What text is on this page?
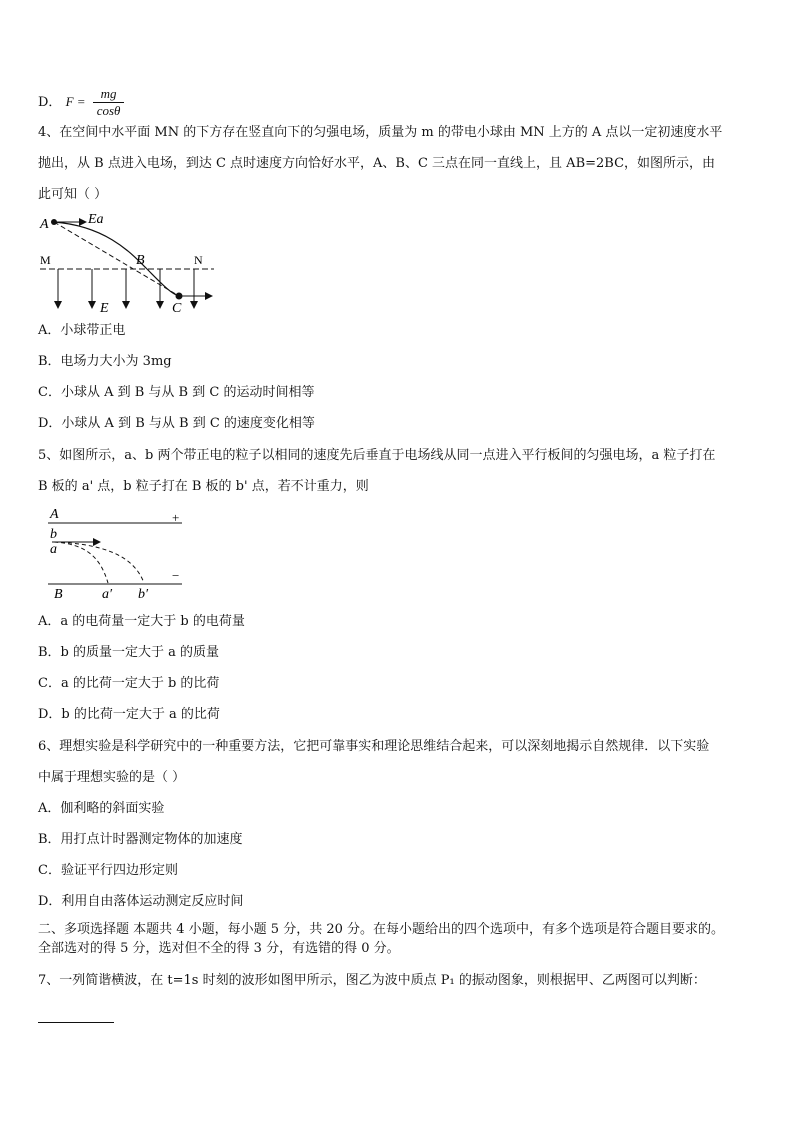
D． $F = \frac{mg}{\cos\theta}$
4、在空间中水平面 MN 的下方存在竖直向下的匀强电场，质量为 m 的带电小球由 MN 上方的 A 点以一定初速度水平
抛出，从 B 点进入电场，到达 C 点时速度方向恰好水平，A、B、C 三点在同一直线上，且 AB=2BC，如图所示，由
此可知（ ）
A	Ea
M	B	N
E	C
A．小球带正电
B．电场力大小为 3mg
C．小球从 A 到 B 与从 B 到 C 的运动时间相等
D．小球从 A 到 B 与从 B 到 C 的速度变化相等
5、如图所示，a、b 两个带正电的粒子以相同的速度先后垂直于电场线从同一点进入平行板间的匀强电场，a 粒子打在
B 板的 a' 点，b 粒子打在 B 板的 b' 点，若不计重力，则
A	+
b
a
−
B	a′ b′
A．a 的电荷量一定大于 b 的电荷量
B．b 的质量一定大于 a 的质量
C．a 的比荷一定大于 b 的比荷
D．b 的比荷一定大于 a 的比荷
6、理想实验是科学研究中的一种重要方法，它把可靠事实和理论思维结合起来，可以深刻地揭示自然规律．以下实验
中属于理想实验的是（ ）
A．伽利略的斜面实验
B．用打点计时器测定物体的加速度
C．验证平行四边形定则
D．利用自由落体运动测定反应时间
二、多项选择题 本题共 4 小题，每小题 5 分，共 20 分。在每小题给出的四个选项中，有多个选项是符合题目要求的。
全部选对的得 5 分，选对但不全的得 3 分，有选错的得 0 分。
7、一列简谐横波，在 t=1s 时刻的波形如图甲所示，图乙为波中质点 P₁ 的振动图象，则根据甲、乙两图可以判断：
